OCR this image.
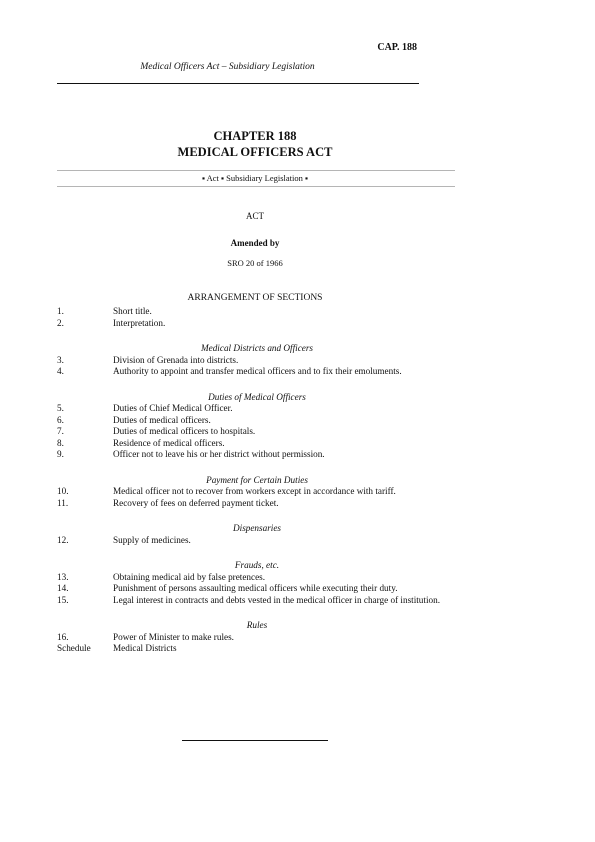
CAP. 188
Medical Officers Act – Subsidiary Legislation
CHAPTER 188
MEDICAL OFFICERS ACT
▪ Act ▪ Subsidiary Legislation ▪
ACT
Amended by
SRO 20 of 1966
ARRANGEMENT OF SECTIONS
1.	Short title.
2.	Interpretation.
Medical Districts and Officers
3.	Division of Grenada into districts.
4.	Authority to appoint and transfer medical officers and to fix their emoluments.
Duties of Medical Officers
5.	Duties of Chief Medical Officer.
6.	Duties of medical officers.
7.	Duties of medical officers to hospitals.
8.	Residence of medical officers.
9.	Officer not to leave his or her district without permission.
Payment for Certain Duties
10.	Medical officer not to recover from workers except in accordance with tariff.
11.	Recovery of fees on deferred payment ticket.
Dispensaries
12.	Supply of medicines.
Frauds, etc.
13.	Obtaining medical aid by false pretences.
14.	Punishment of persons assaulting medical officers while executing their duty.
15.	Legal interest in contracts and debts vested in the medical officer in charge of institution.
Rules
16.	Power of Minister to make rules.
Schedule	Medical Districts
